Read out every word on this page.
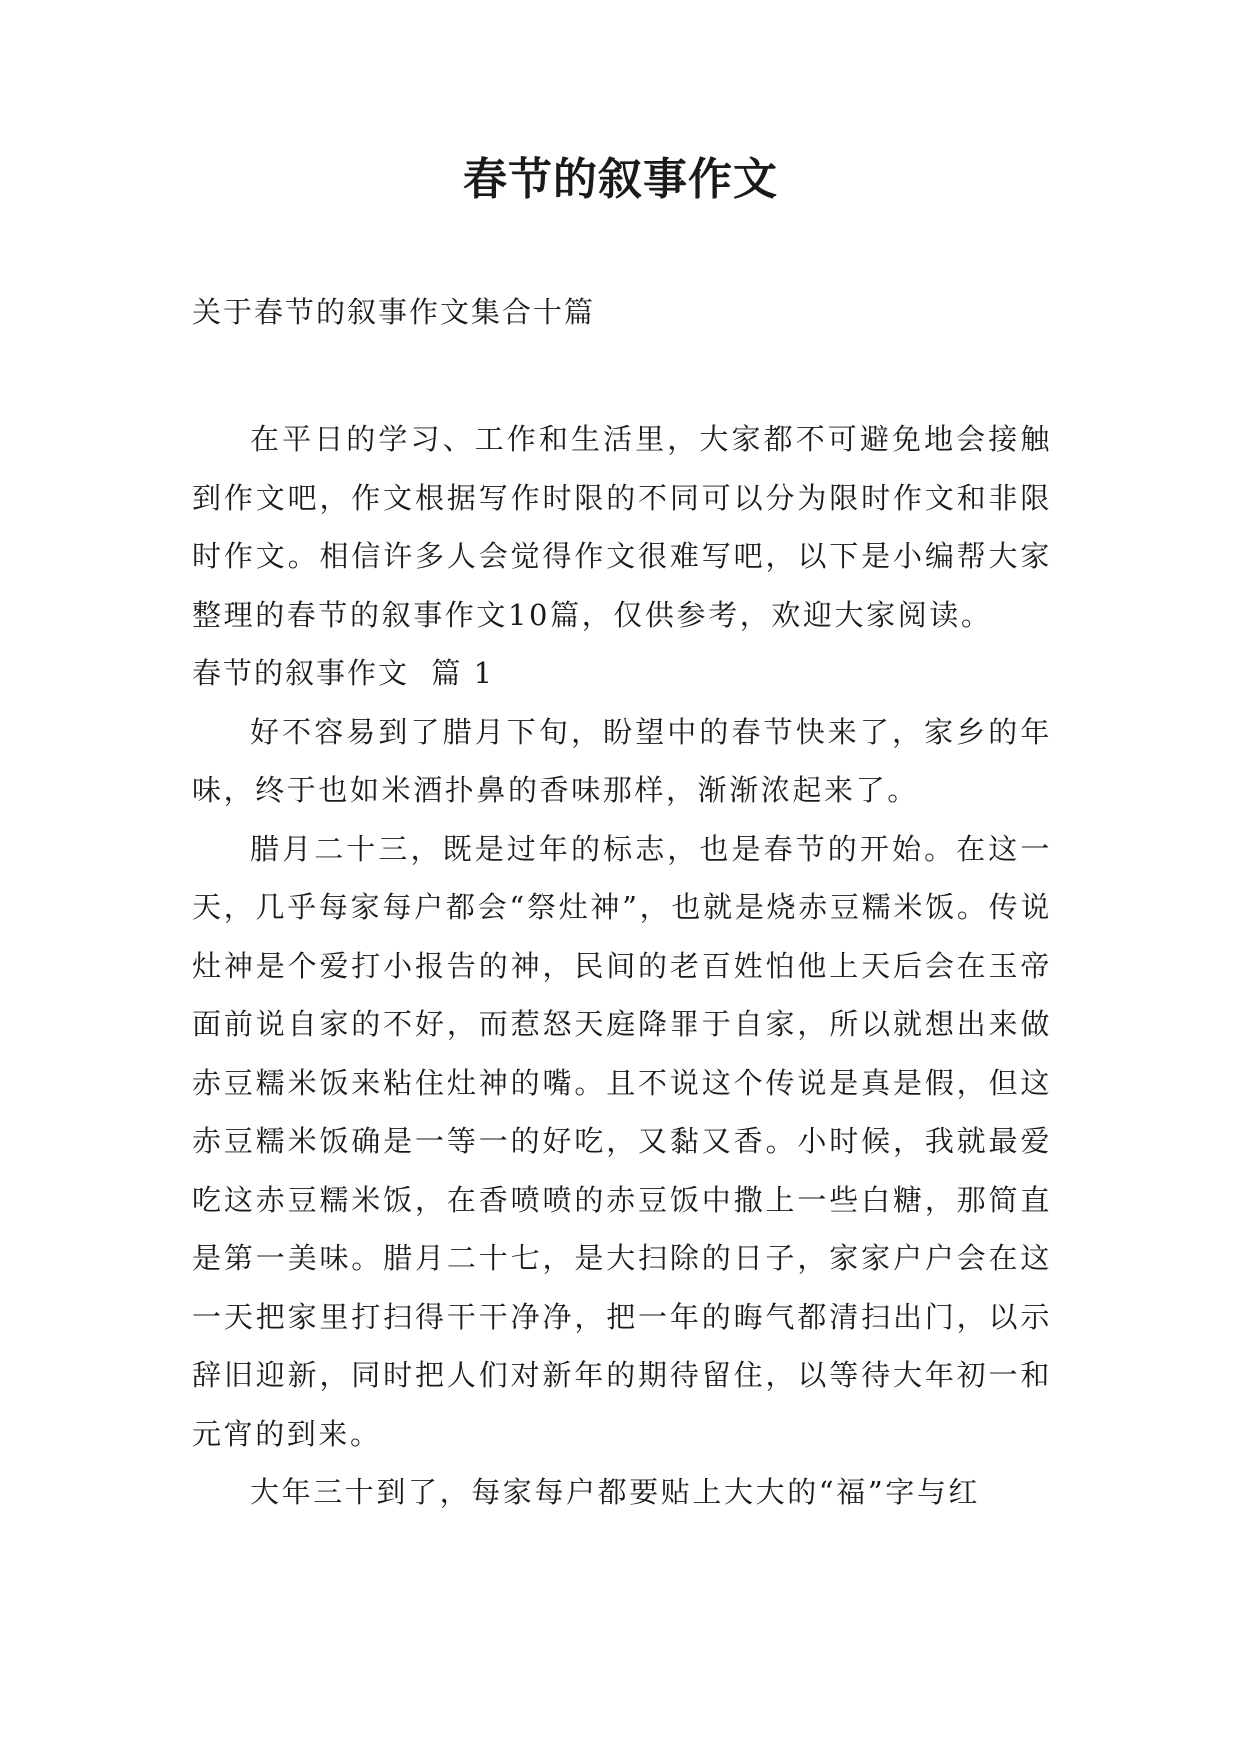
春节的叙事作文

关于春节的叙事作文集合十篇

在平日的学习、工作和生活里，大家都不可避免地会接触到作文吧，作文根据写作时限的不同可以分为限时作文和非限时作文。相信许多人会觉得作文很难写吧，以下是小编帮大家整理的春节的叙事作文10篇，仅供参考，欢迎大家阅读。

春节的叙事作文  篇 1

好不容易到了腊月下旬，盼望中的春节快来了，家乡的年味，终于也如米酒扑鼻的香味那样，渐渐浓起来了。

腊月二十三，既是过年的标志，也是春节的开始。在这一天，几乎每家每户都会“祭灶神”，也就是烧赤豆糯米饭。传说灶神是个爱打小报告的神，民间的老百姓怕他上天后会在玉帝面前说自家的不好，而惹怒天庭降罪于自家，所以就想出来做赤豆糯米饭来粘住灶神的嘴。且不说这个传说是真是假，但这赤豆糯米饭确是一等一的好吃，又黏又香。小时候，我就最爱吃这赤豆糯米饭，在香喷喷的赤豆饭中撒上一些白糖，那简直是第一美味。腊月二十七，是大扫除的日子，家家户户会在这一天把家里打扫得干干净净，把一年的晦气都清扫出门，以示辞旧迎新，同时把人们对新年的期待留住，以等待大年初一和元宵的到来。

大年三十到了，每家每户都要贴上大大的“福”字与红
